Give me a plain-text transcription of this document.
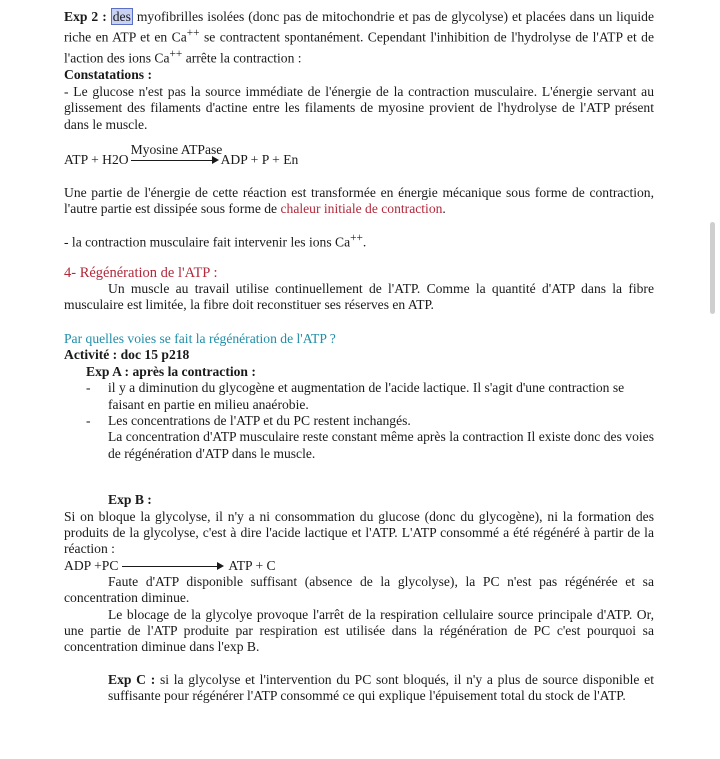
Exp 2 : des myofibrilles isolées (donc pas de mitochondrie et pas de glycolyse) et placées dans un liquide riche en ATP et en Ca++ se contractent spontanément. Cependant l'inhibition de l'hydrolyse de l'ATP et de l'action des ions Ca++ arrête la contraction :

Constatations :

- Le glucose n'est pas la source immédiate de l'énergie de la contraction musculaire. L'énergie servant au glissement des filaments d'actine entre les filaments de myosine provient de l'hydrolyse de l'ATP présent dans le muscle.

ATP + H2O
Myosine ATPase
ADP + P + En

Une partie de l'énergie de cette réaction est transformée en énergie mécanique sous forme de contraction, l'autre partie est dissipée sous forme de chaleur initiale de contraction.

- la contraction musculaire fait intervenir les ions Ca++.

4- Régénération de l'ATP :

Un muscle au travail utilise continuellement de l'ATP. Comme la quantité d'ATP dans la fibre musculaire est limitée, la fibre doit reconstituer ses réserves en ATP.

Par quelles voies se fait la régénération de l'ATP ?

Activité : doc 15 p218

Exp A : après la contraction :

-	il y a diminution du glycogène et augmentation de l'acide lactique. Il s'agit d'une contraction se faisant en partie en milieu anaérobie.
-	Les concentrations de l'ATP et du PC restent inchangés.

La concentration d'ATP musculaire reste constant même après la contraction Il existe donc des voies de régénération d'ATP dans le muscle.

Exp B :

Si on bloque la glycolyse, il n'y a ni consommation du glucose (donc du glycogène), ni la formation des produits de la glycolyse, c'est à dire l'acide lactique et l'ATP. L'ATP consommé a été régénéré à partir de la réaction :

ADP +PC	ATP + C

Faute d'ATP disponible suffisant (absence de la glycolyse), la PC n'est pas régénérée et sa concentration diminue.

Le blocage de la glycolye provoque l'arrêt de la respiration cellulaire source principale d'ATP. Or, une partie de l'ATP produite par respiration est utilisée dans la régénération de PC c'est pourquoi sa concentration diminue dans l'exp B.

Exp C : si la glycolyse et l'intervention du PC sont bloqués, il n'y a plus de source disponible et suffisante pour régénérer l'ATP consommé ce qui explique l'épuisement total du stock de l'ATP.
